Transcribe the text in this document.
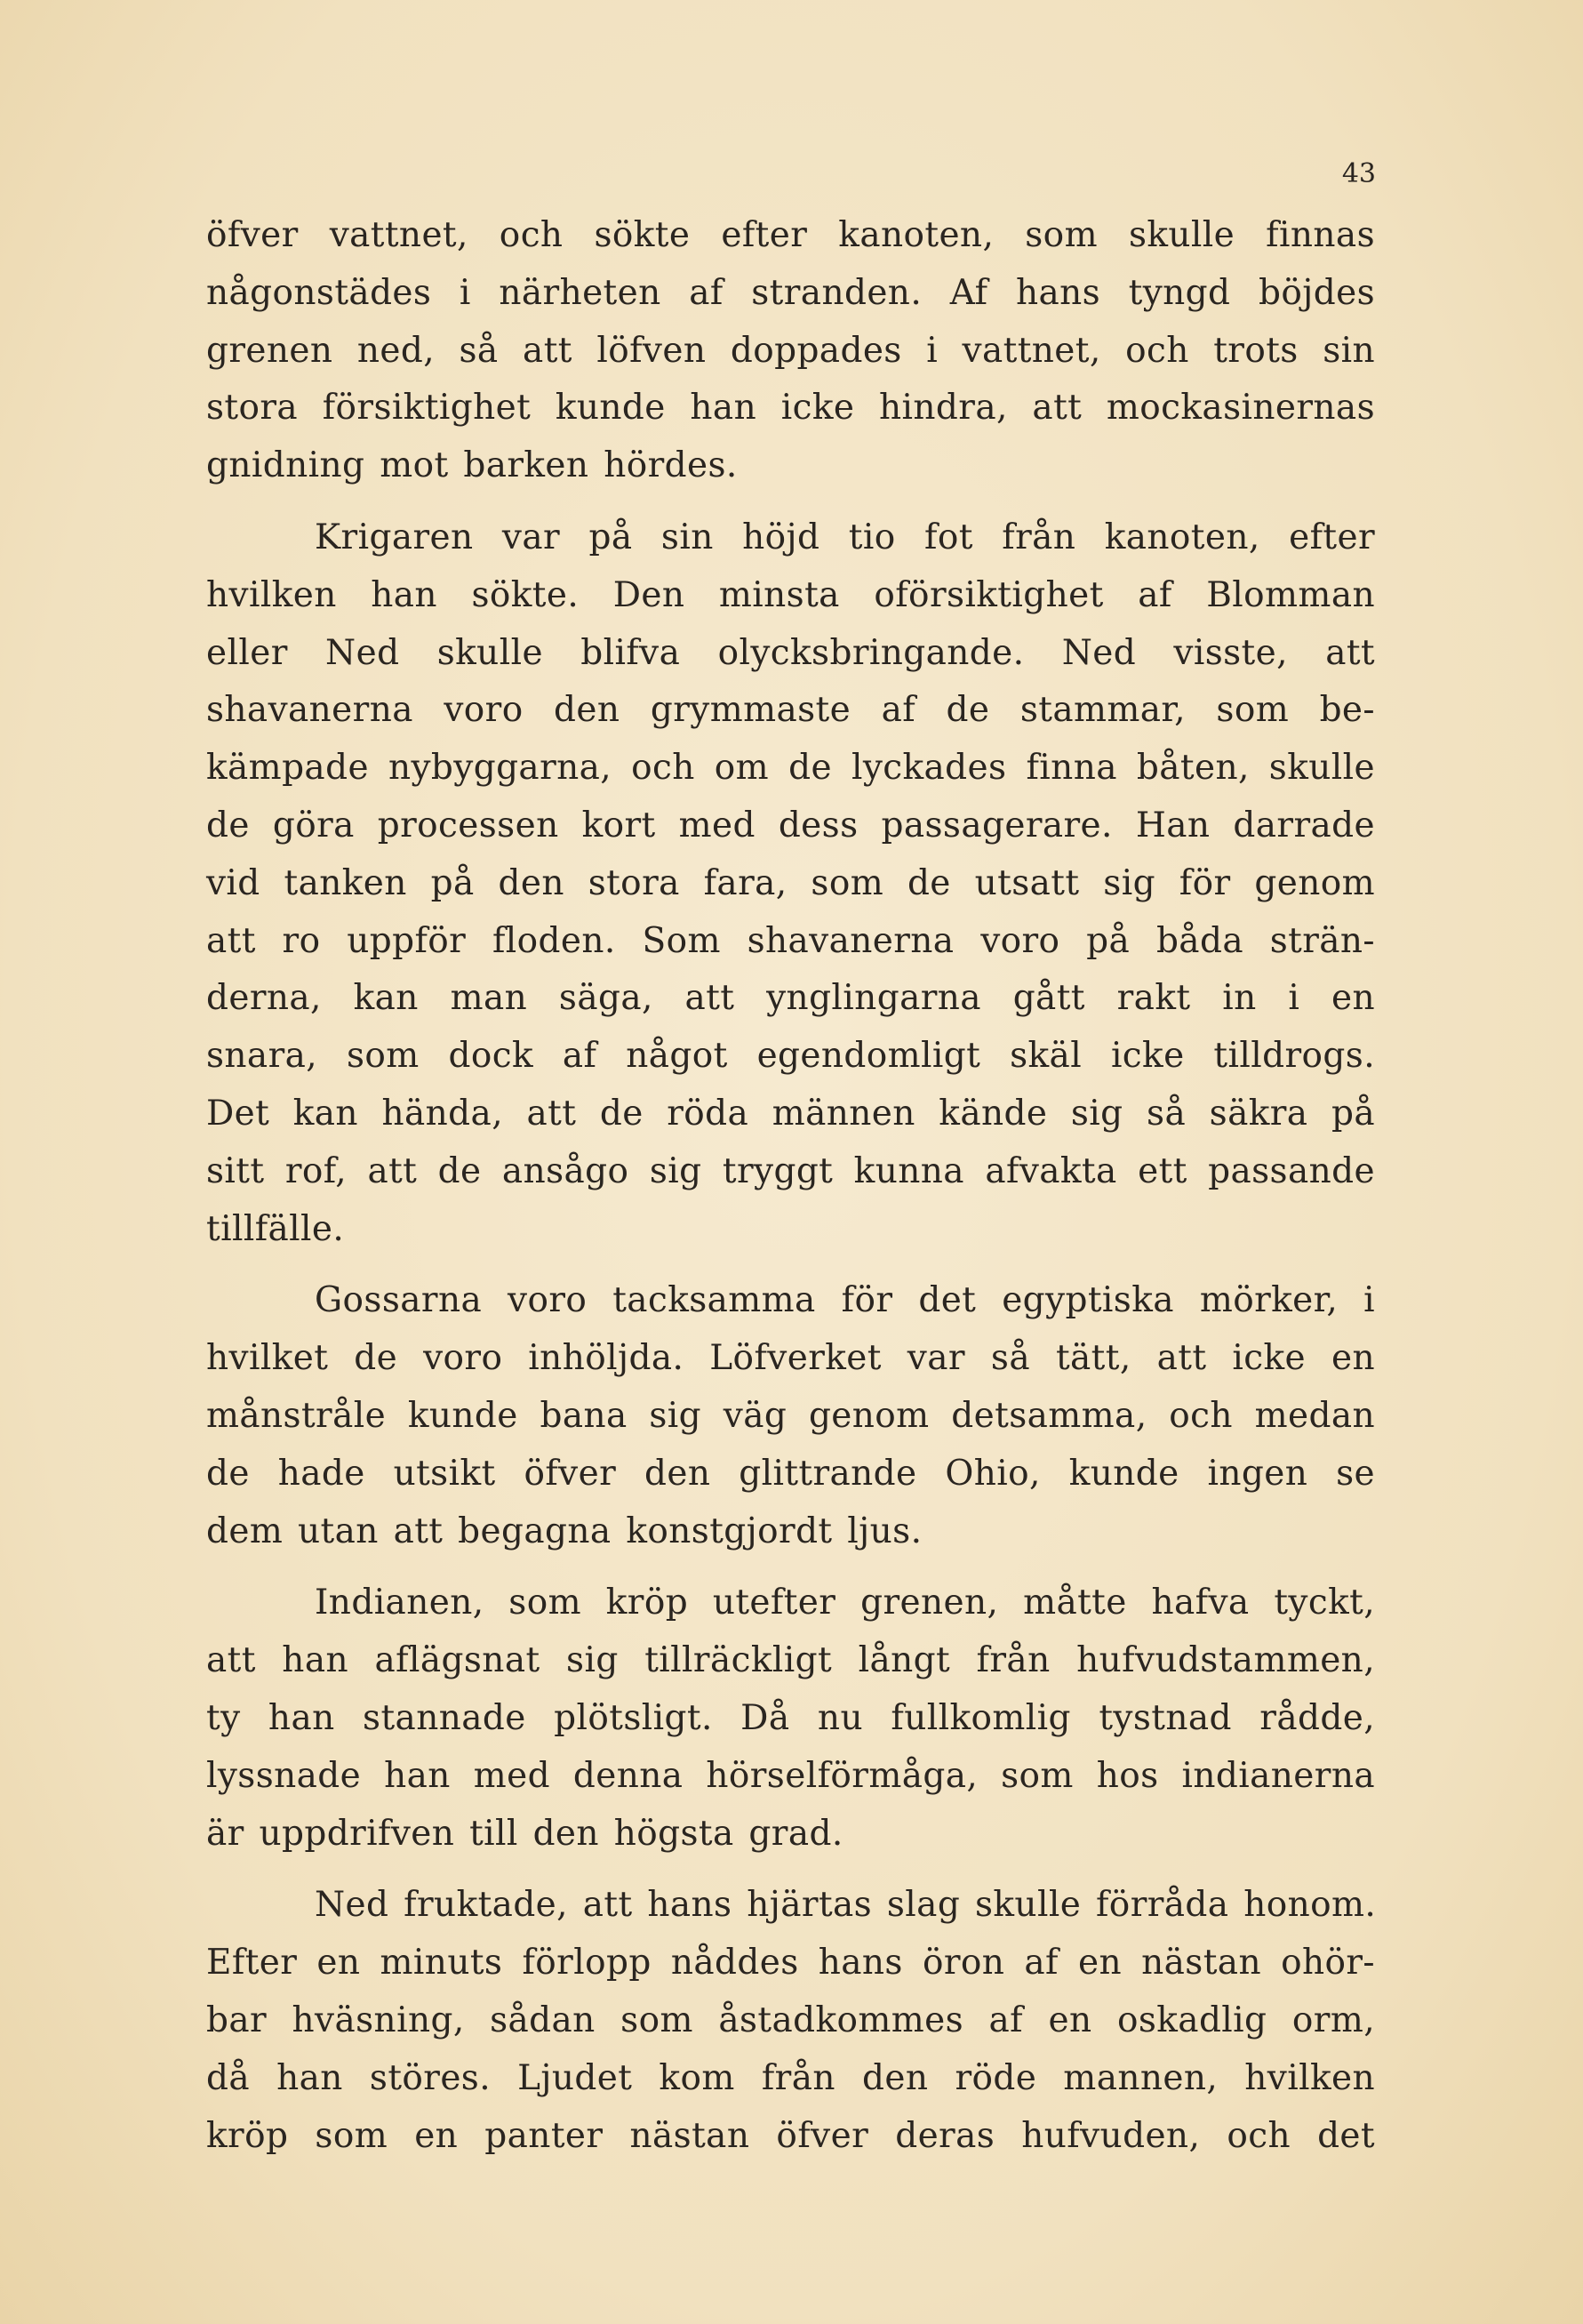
43
öfver vattnet, och sökte efter kanoten, som skulle finnas
någonstädes i närheten af stranden. Af hans tyngd böjdes
grenen ned, så att löfven doppades i vattnet, och trots sin
stora försiktighet kunde han icke hindra, att mockasinernas
gnidning mot barken hördes.
Krigaren var på sin höjd tio fot från kanoten, efter
hvilken han sökte. Den minsta oförsiktighet af Blomman
eller Ned skulle blifva olycksbringande. Ned visste, att
shavanerna voro den grymmaste af de stammar, som be-
kämpade nybyggarna, och om de lyckades finna båten, skulle
de göra processen kort med dess passagerare. Han darrade
vid tanken på den stora fara, som de utsatt sig för genom
att ro uppför floden. Som shavanerna voro på båda strän-
derna, kan man säga, att ynglingarna gått rakt in i en
snara, som dock af något egendomligt skäl icke tilldrogs.
Det kan hända, att de röda männen kände sig så säkra på
sitt rof, att de ansågo sig tryggt kunna afvakta ett passande
tillfälle.
Gossarna voro tacksamma för det egyptiska mörker, i
hvilket de voro inhöljda. Löfverket var så tätt, att icke en
månstråle kunde bana sig väg genom detsamma, och medan
de hade utsikt öfver den glittrande Ohio, kunde ingen se
dem utan att begagna konstgjordt ljus.
Indianen, som kröp utefter grenen, måtte hafva tyckt,
att han aflägsnat sig tillräckligt långt från hufvudstammen,
ty han stannade plötsligt. Då nu fullkomlig tystnad rådde,
lyssnade han med denna hörselförmåga, som hos indianerna
är uppdrifven till den högsta grad.
Ned fruktade, att hans hjärtas slag skulle förråda honom.
Efter en minuts förlopp nåddes hans öron af en nästan ohör-
bar hväsning, sådan som åstadkommes af en oskadlig orm,
då han störes. Ljudet kom från den röde mannen, hvilken
kröp som en panter nästan öfver deras hufvuden, och det
